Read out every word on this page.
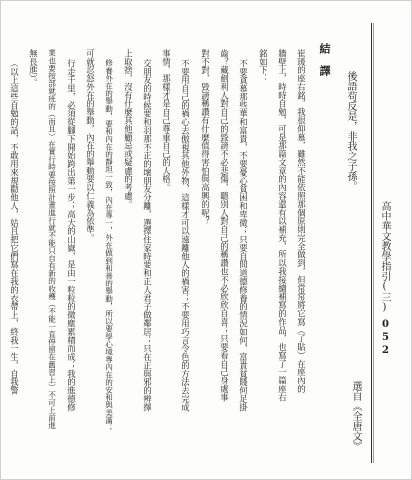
高中華文教學指引(三)
052
後語苟反是，非我之子孫。
選自《全唐文》
結　譯
崔瑗的座右銘，我很仰慕，雖然不能依照那個原則完全做到，但常常將它寫（了貼）在座內的
牆壁上，時時自勉，可是那篇文章的內容還有以補充，所以我接續補寫的作品，也寫了一篇座右
銘如下：
不要貪慕那些華和富貴，不要憂心貧困和卑微；只要自問道德修養的情況如何，富貴貧賤何足掛
齒？藏劍利人對自己的毀謗不必悲傷，聽別人對自己的稱讚也不必欣欣自喜；只要看自己身處事
對不對，毀謗稱讚有什麼值得害怕與高興的呢？
不要用自己的禍心去傲視其他外物，這樣才可以遠離他人的禍害；不要用巧言令色的方法去完成
事情，那樣才是自己尊重自己的人格。
交朋友的時候要和羽那不正的壞朋友分離，選擇住家時要和正人君子做鄰居；只在正與邪的辨擇
上取捨，沒有什麼其他顧忌或疑慮的考慮。
修養外在的舉動，要和內在的靜坦一致，內在專一，外在做到和善的舉動，所以要學心境專內在的安和與美滿；
可就忍怒外在的舉動，內在的舉動要以仁義為依準。
行走千里，必須從腳下開始跨出第一步；高大的山嶽，是由一粒粒的微塵累積而成；我的進德修
業也要按部就班的（而且）在實行時要按照計畫進行就不能只自有新的收穫（不能一直停留在舊習上）不可上前進
無長進）。
（以上這些自勉的話，不敢用來規勸他人，姑且把它們寫在我的衣帶上，終我一生，自我警
